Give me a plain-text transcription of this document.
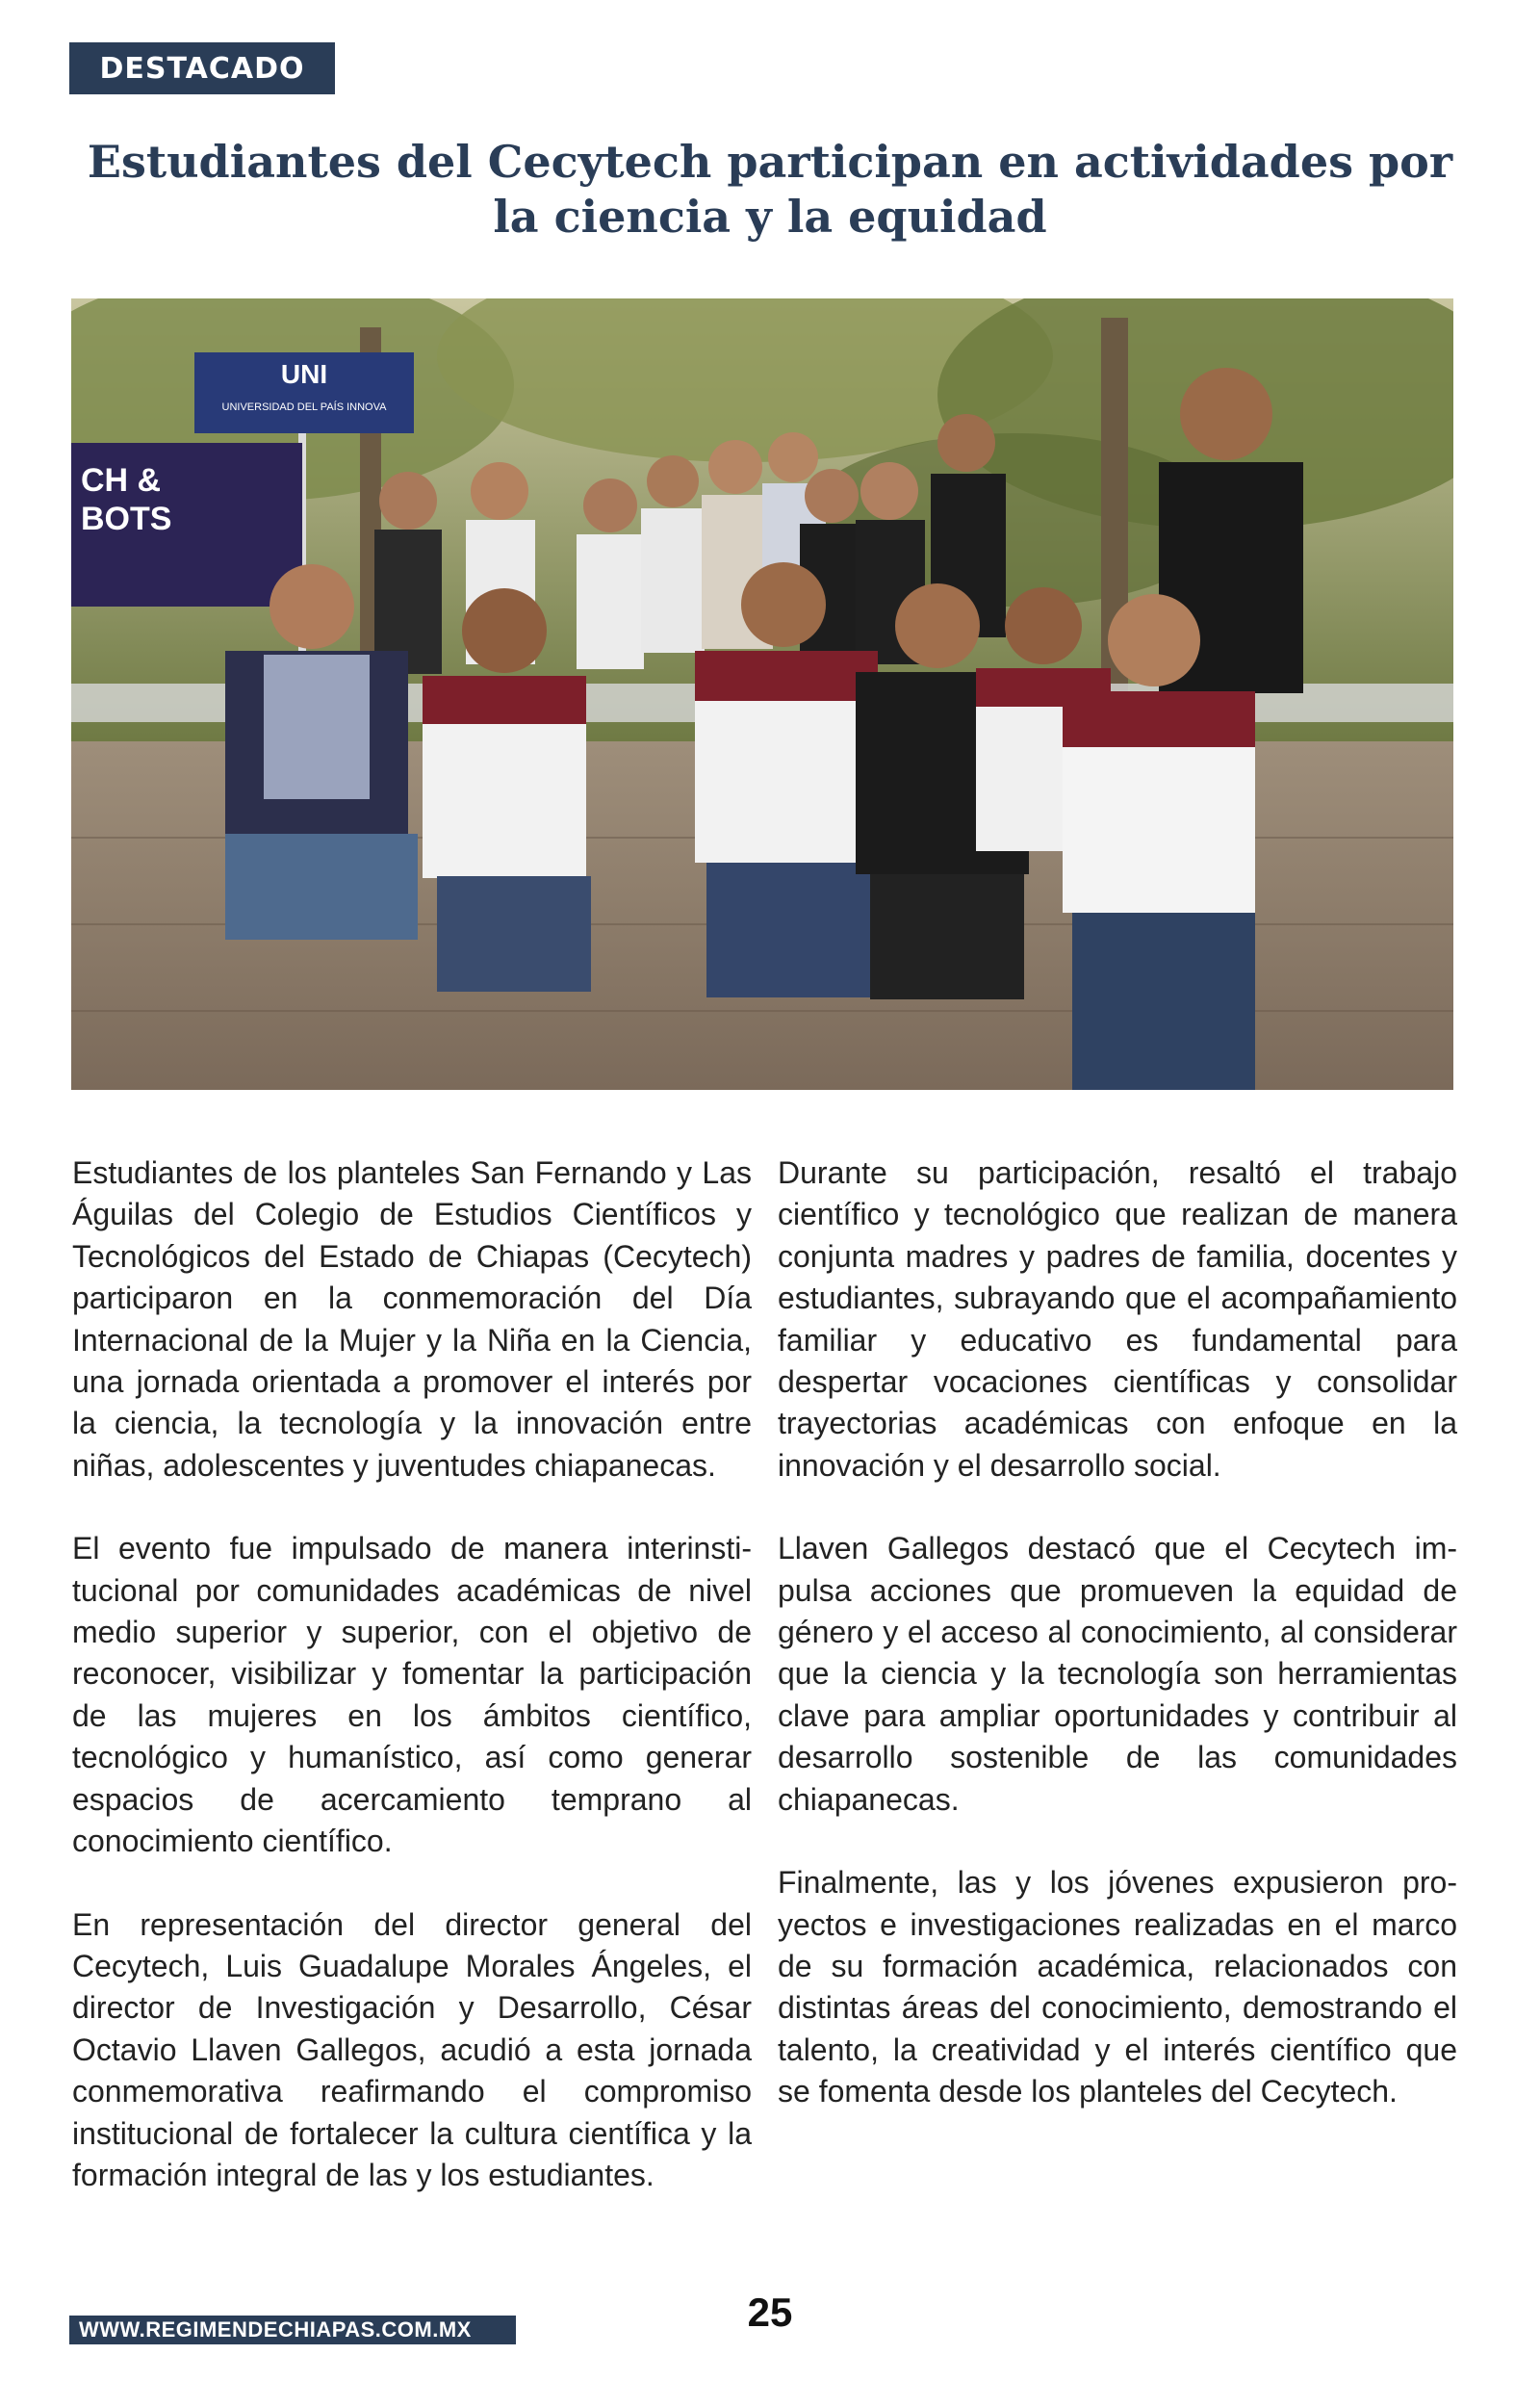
DESTACADO
Estudiantes del Cecytech participan en actividades por la ciencia y la equidad
UNI
UNIVERSIDAD DEL PAÍS INNOVA
CH &
BOTS

Estudiantes de los planteles San Fernando y Las Águilas del Colegio de Estudios Científicos y Tecnológicos del Estado de Chiapas (Cecytech) participaron en la conmemoración del Día Internacional de la Mujer y la Niña en la Ciencia, una jornada orientada a promover el interés por la ciencia, la tecnología y la innovación entre niñas, adolescentes y juventudes chiapanecas.

El evento fue impulsado de manera interinstitucional por comunidades académicas de nivel medio superior y superior, con el objetivo de reconocer, visibilizar y fomentar la participación de las mujeres en los ámbitos científico, tecnológico y humanístico, así como generar espacios de acercamiento temprano al conocimiento científico.

En representación del director general del Cecytech, Luis Guadalupe Morales Ángeles, el director de Investigación y Desarrollo, César Octavio Llaven Gallegos, acudió a esta jornada conmemorativa reafirmando el compromiso institucional de fortalecer la cultura científica y la formación integral de las y los estudiantes.

Durante su participación, resaltó el trabajo científico y tecnológico que realizan de manera conjunta madres y padres de familia, docentes y estudiantes, subrayando que el acompañamiento familiar y educativo es fundamental para despertar vocaciones científicas y consolidar trayectorias académicas con enfoque en la innovación y el desarrollo social.

Llaven Gallegos destacó que el Cecytech impulsa acciones que promueven la equidad de género y el acceso al conocimiento, al considerar que la ciencia y la tecnología son herramientas clave para ampliar oportunidades y contribuir al desarrollo sostenible de las comunidades chiapanecas.

Finalmente, las y los jóvenes expusieron proyectos e investigaciones realizadas en el marco de su formación académica, relacionados con distintas áreas del conocimiento, demostrando el talento, la creatividad y el interés científico que se fomenta desde los planteles del Cecytech.

25
WWW.REGIMENDECHIAPAS.COM.MX
